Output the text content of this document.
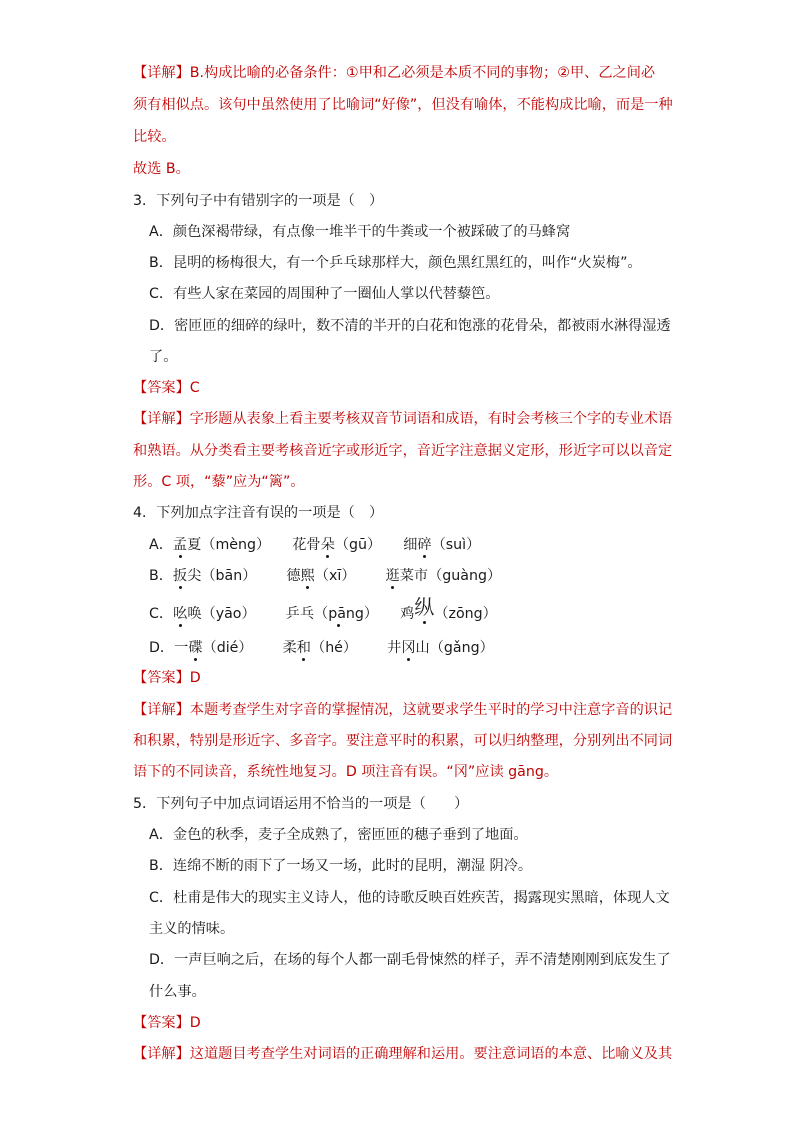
【详解】B.构成比喻的必备条件：①甲和乙必须是本质不同的事物；②甲、乙之间必
须有相似点。该句中虽然使用了比喻词“好像”，但没有喻体，不能构成比喻，而是一种
比较。
故选 B。
3．下列句子中有错别字的一项是（　）
A．颜色深褐带绿，有点像一堆半干的牛粪或一个被踩破了的马蜂窝
B．昆明的杨梅很大，有一个乒乓球那样大，颜色黑红黑红的，叫作“火炭梅”。
C．有些人家在菜园的周围种了一圈仙人掌以代替藜笆。
D．密匝匝的细碎的绿叶，数不清的半开的白花和饱涨的花骨朵，都被雨水淋得湿透
了。
【答案】C
【详解】字形题从表象上看主要考核双音节词语和成语，有时会考核三个字的专业术语
和熟语。从分类看主要考核音近字或形近字，音近字注意据义定形，形近字可以以音定
形。C 项，“藜”应为“篱”。
4．下列加点字注音有误的一项是（　）
A．孟夏（mèng） 花骨朵（gū） 细碎（suì）
B．扳尖（bān） 德熙（xī） 逛菜市（guàng）
C．吆唤（yāo） 乒乓（pāng） 鸡纵（zōng）
D．一碟（dié） 柔和（hé） 井冈山（gǎng）
【答案】D
【详解】本题考查学生对字音的掌握情况，这就要求学生平时的学习中注意字音的识记
和积累，特别是形近字、多音字。要注意平时的积累，可以归纳整理，分别列出不同词
语下的不同读音，系统性地复习。D 项注音有误。“冈”应读 gāng。
5．下列句子中加点词语运用不恰当的一项是（　　）
A．金色的秋季，麦子全成熟了，密匝匝的穗子垂到了地面。
B．连绵不断的雨下了一场又一场，此时的昆明，潮湿 阴冷。
C．杜甫是伟大的现实主义诗人，他的诗歌反映百姓疾苦，揭露现实黑暗，体现人文
主义的情味。
D．一声巨响之后，在场的每个人都一副毛骨悚然的样子，弄不清楚刚刚到底发生了
什么事。
【答案】D
【详解】这道题目考查学生对词语的正确理解和运用。要注意词语的本意、比喻义及其
